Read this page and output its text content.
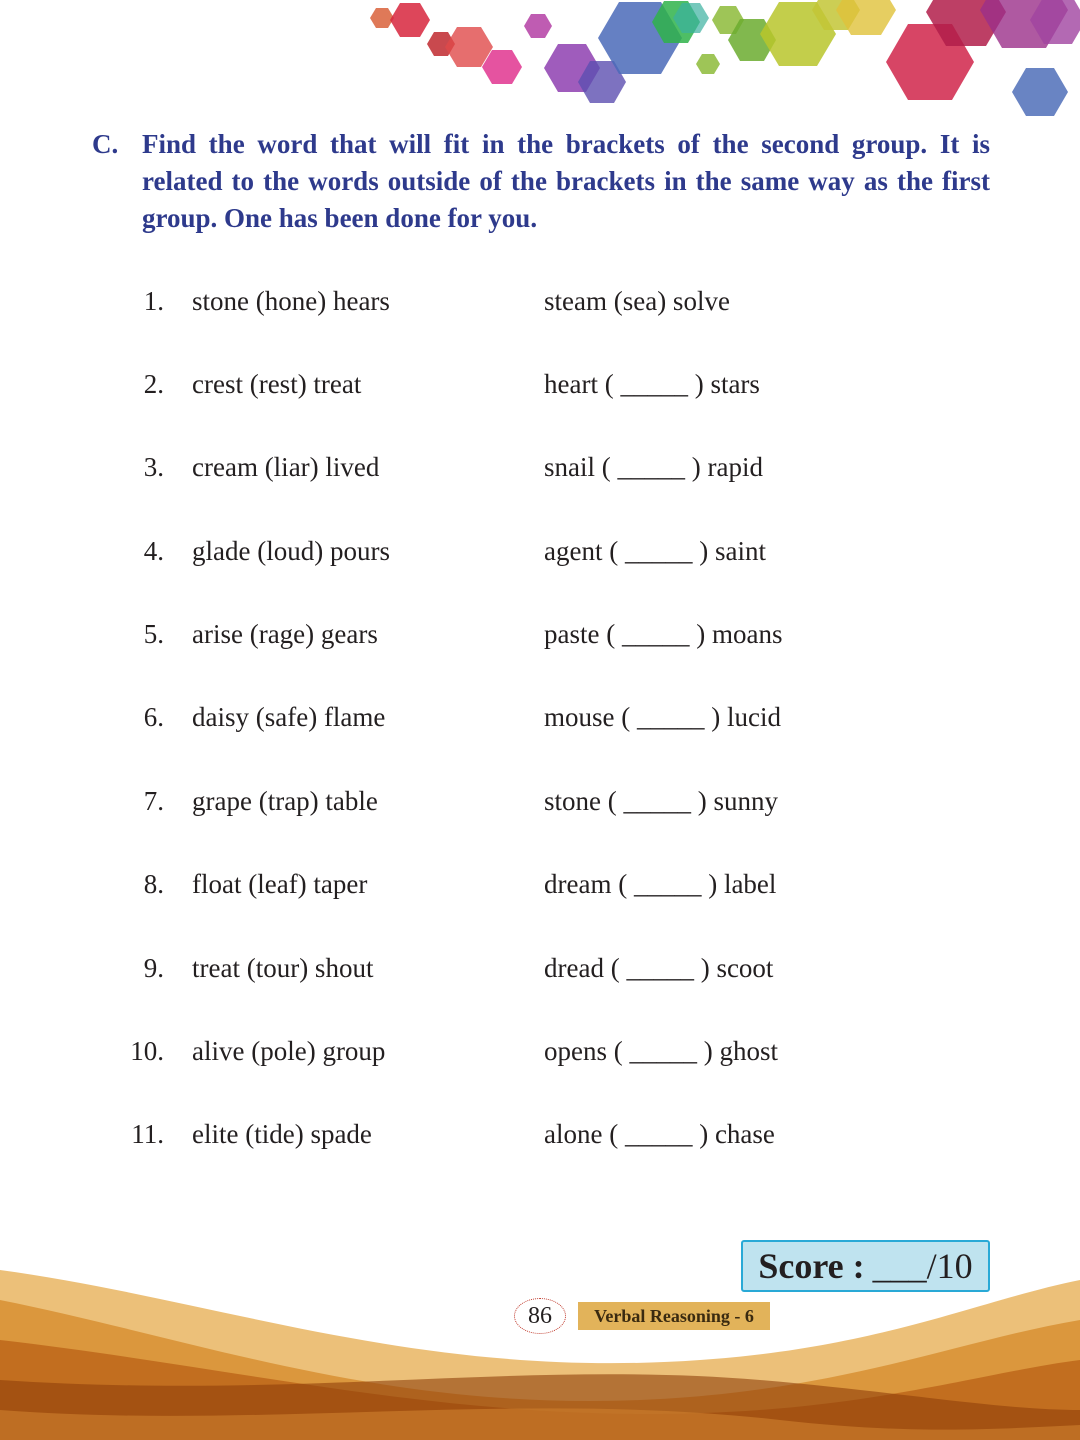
C. Find the word that will fit in the brackets of the second group. It is related to the words outside of the brackets in the same way as the first group. One has been done for you.
1. stone (hone) hears	steam (sea) solve
2. crest (rest) treat	heart ( _____ ) stars
3. cream (liar) lived	snail ( _____ ) rapid
4. glade (loud) pours	agent ( _____ ) saint
5. arise (rage) gears	paste ( _____ ) moans
6. daisy (safe) flame	mouse ( _____ ) lucid
7. grape (trap) table	stone ( _____ ) sunny
8. float (leaf) taper	dream ( _____ ) label
9. treat (tour) shout	dread ( _____ ) scoot
10. alive (pole) group	opens ( _____ ) ghost
11. elite (tide) spade	alone ( _____ ) chase
Score : ___/10
86	Verbal Reasoning - 6
